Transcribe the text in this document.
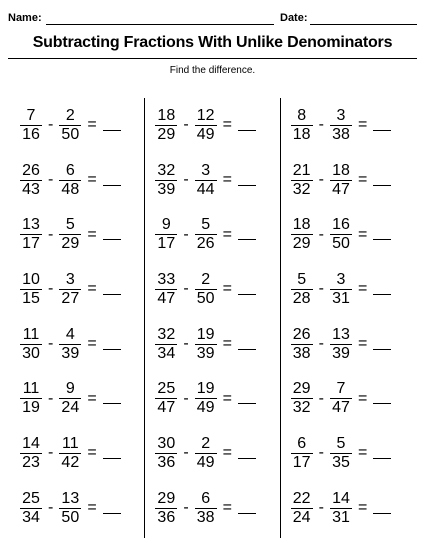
Name:	Date:
Subtracting Fractions With Unlike Denominators
Find the difference.
$\frac{7}{16} - \frac{2}{50}$ =
$\frac{26}{43} - \frac{6}{48}$ =
$\frac{13}{17} - \frac{5}{29}$ =
$\frac{10}{15} - \frac{3}{27}$ =
$\frac{11}{30} - \frac{4}{39}$ =
$\frac{11}{19} - \frac{9}{24}$ =
$\frac{14}{23} - \frac{11}{42}$ =
$\frac{25}{34} - \frac{13}{50}$ =
$\frac{18}{29} - \frac{12}{49}$ =
$\frac{32}{39} - \frac{3}{44}$ =
$\frac{9}{17} - \frac{5}{26}$ =
$\frac{33}{47} - \frac{2}{50}$ =
$\frac{32}{34} - \frac{19}{39}$ =
$\frac{25}{47} - \frac{19}{49}$ =
$\frac{30}{36} - \frac{2}{49}$ =
$\frac{29}{36} - \frac{6}{38}$ =
$\frac{8}{18} - \frac{3}{38}$ =
$\frac{21}{32} - \frac{18}{47}$ =
$\frac{18}{29} - \frac{16}{50}$ =
$\frac{5}{28} - \frac{3}{31}$ =
$\frac{26}{38} - \frac{13}{39}$ =
$\frac{29}{32} - \frac{7}{47}$ =
$\frac{6}{17} - \frac{5}{35}$ =
$\frac{22}{24} - \frac{14}{31}$ =
